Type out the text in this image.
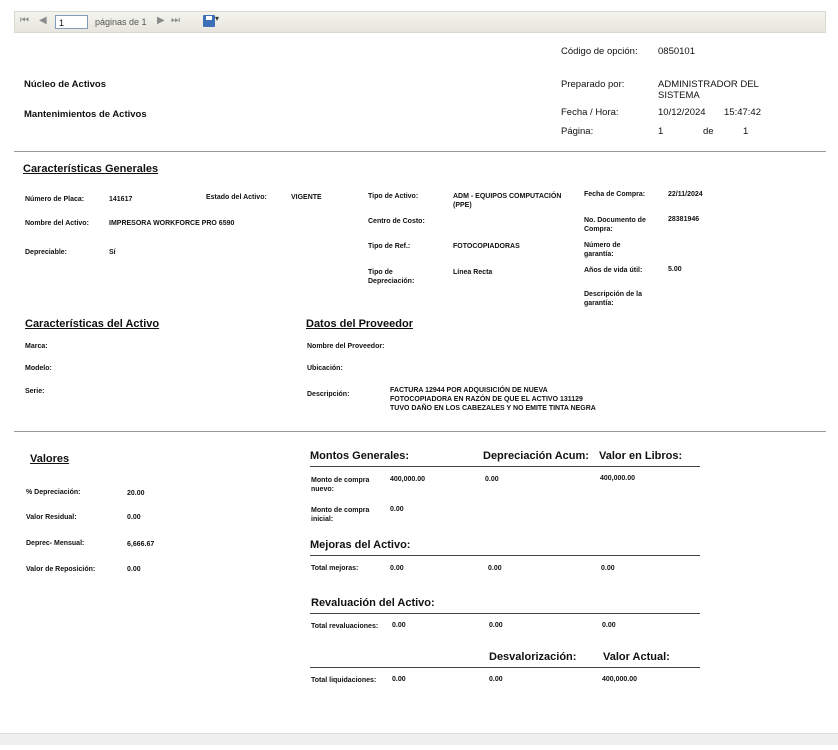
⏮ ◀	1	páginas de 1 ▶ ⏭	▾
Código de opción: 0850101
Núcleo de Activos	Preparado por:	ADMINISTRADOR DEL SISTEMA
Mantenimientos de Activos	Fecha / Hora:	10/12/2024 15:47:42
Página:	1	de	1
Características Generales
Número de Placa:	141617	Estado del Activo:	VIGENTE
Nombre del Activo:	IMPRESORA WORKFORCE PRO 6590
Depreciable:	Sí
Tipo de Activo:	ADM - EQUIPOS COMPUTACIÓN (PPE)
Centro de Costo:
Tipo de Ref.:	FOTOCOPIADORAS
Tipo de Depreciación:
Línea Recta
Fecha de Compra:	22/11/2024
No. Documento de Compra:
28381946
Número de garantía:
Años de vida útil:	5.00
Descripción de la garantía:
Características del Activo
Marca:
Modelo:
Serie:
Datos del Proveedor
Nombre del Proveedor:
Ubicación:
Descripción:
FACTURA 12944 POR ADQUISICIÓN DE NUEVA
FOTOCOPIADORA EN RAZÓN DE QUE EL ACTIVO 131129
TUVO DAÑO EN LOS CABEZALES Y NO EMITE TINTA NEGRA
Valores
% Depreciación:	20.00
Valor Residual:	0.00
Deprec- Mensual:	6,666.67
Valor de Reposición:	0.00
Montos Generales:	Depreciación Acum: Valor en Libros:
Monto de compra nuevo:
400,000.00	0.00	400,000.00
Monto de compra inicial:
0.00
Mejoras del Activo:
Total mejoras:	0.00	0.00	0.00
Revaluación del Activo:
Total revaluaciones:	0.00	0.00	0.00
Desvalorización: Valor Actual:
Total liquidaciones:	0.00	0.00	400,000.00
